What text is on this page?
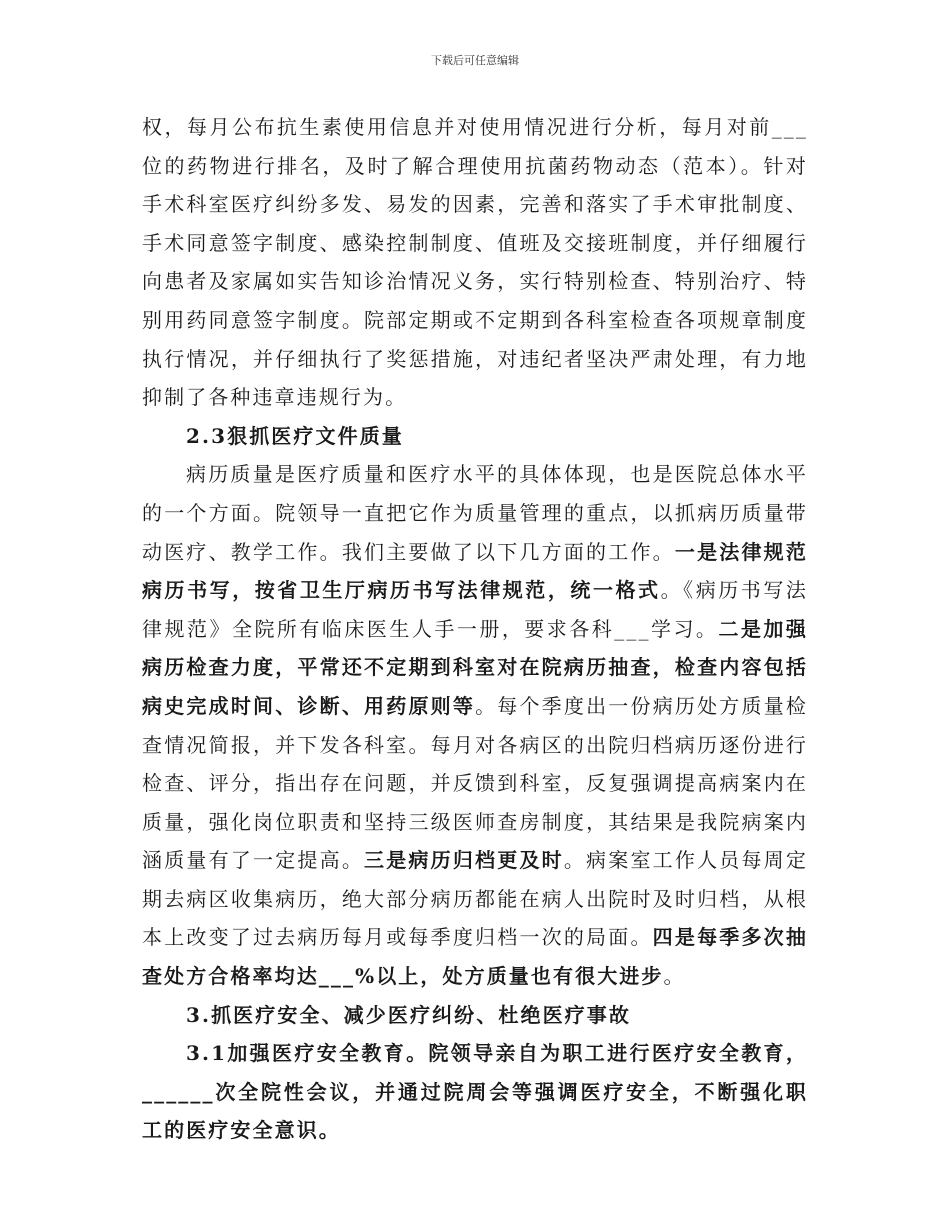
下载后可任意编辑

权，每月公布抗生素使用信息并对使用情况进行分析，每月对前___位的药物进行排名，及时了解合理使用抗菌药物动态（范本）。针对手术科室医疗纠纷多发、易发的因素，完善和落实了手术审批制度、手术同意签字制度、感染控制制度、值班及交接班制度，并仔细履行向患者及家属如实告知诊治情况义务，实行特别检查、特别治疗、特别用药同意签字制度。院部定期或不定期到各科室检查各项规章制度执行情况，并仔细执行了奖惩措施，对违纪者坚决严肃处理，有力地抑制了各种违章违规行为。

2.3狠抓医疗文件质量

病历质量是医疗质量和医疗水平的具体体现，也是医院总体水平的一个方面。院领导一直把它作为质量管理的重点，以抓病历质量带动医疗、教学工作。我们主要做了以下几方面的工作。一是法律规范病历书写，按省卫生厅病历书写法律规范，统一格式。《病历书写法律规范》全院所有临床医生人手一册，要求各科___学习。二是加强病历检查力度，平常还不定期到科室对在院病历抽查，检查内容包括病史完成时间、诊断、用药原则等。每个季度出一份病历处方质量检查情况简报，并下发各科室。每月对各病区的出院归档病历逐份进行检查、评分，指出存在问题，并反馈到科室，反复强调提高病案内在质量，强化岗位职责和坚持三级医师查房制度，其结果是我院病案内涵质量有了一定提高。三是病历归档更及时。病案室工作人员每周定期去病区收集病历，绝大部分病历都能在病人出院时及时归档，从根本上改变了过去病历每月或每季度归档一次的局面。四是每季多次抽查处方合格率均达___%以上，处方质量也有很大进步。

3.抓医疗安全、减少医疗纠纷、杜绝医疗事故

3.1加强医疗安全教育。院领导亲自为职工进行医疗安全教育，______次全院性会议，并通过院周会等强调医疗安全，不断强化职工的医疗安全意识。
